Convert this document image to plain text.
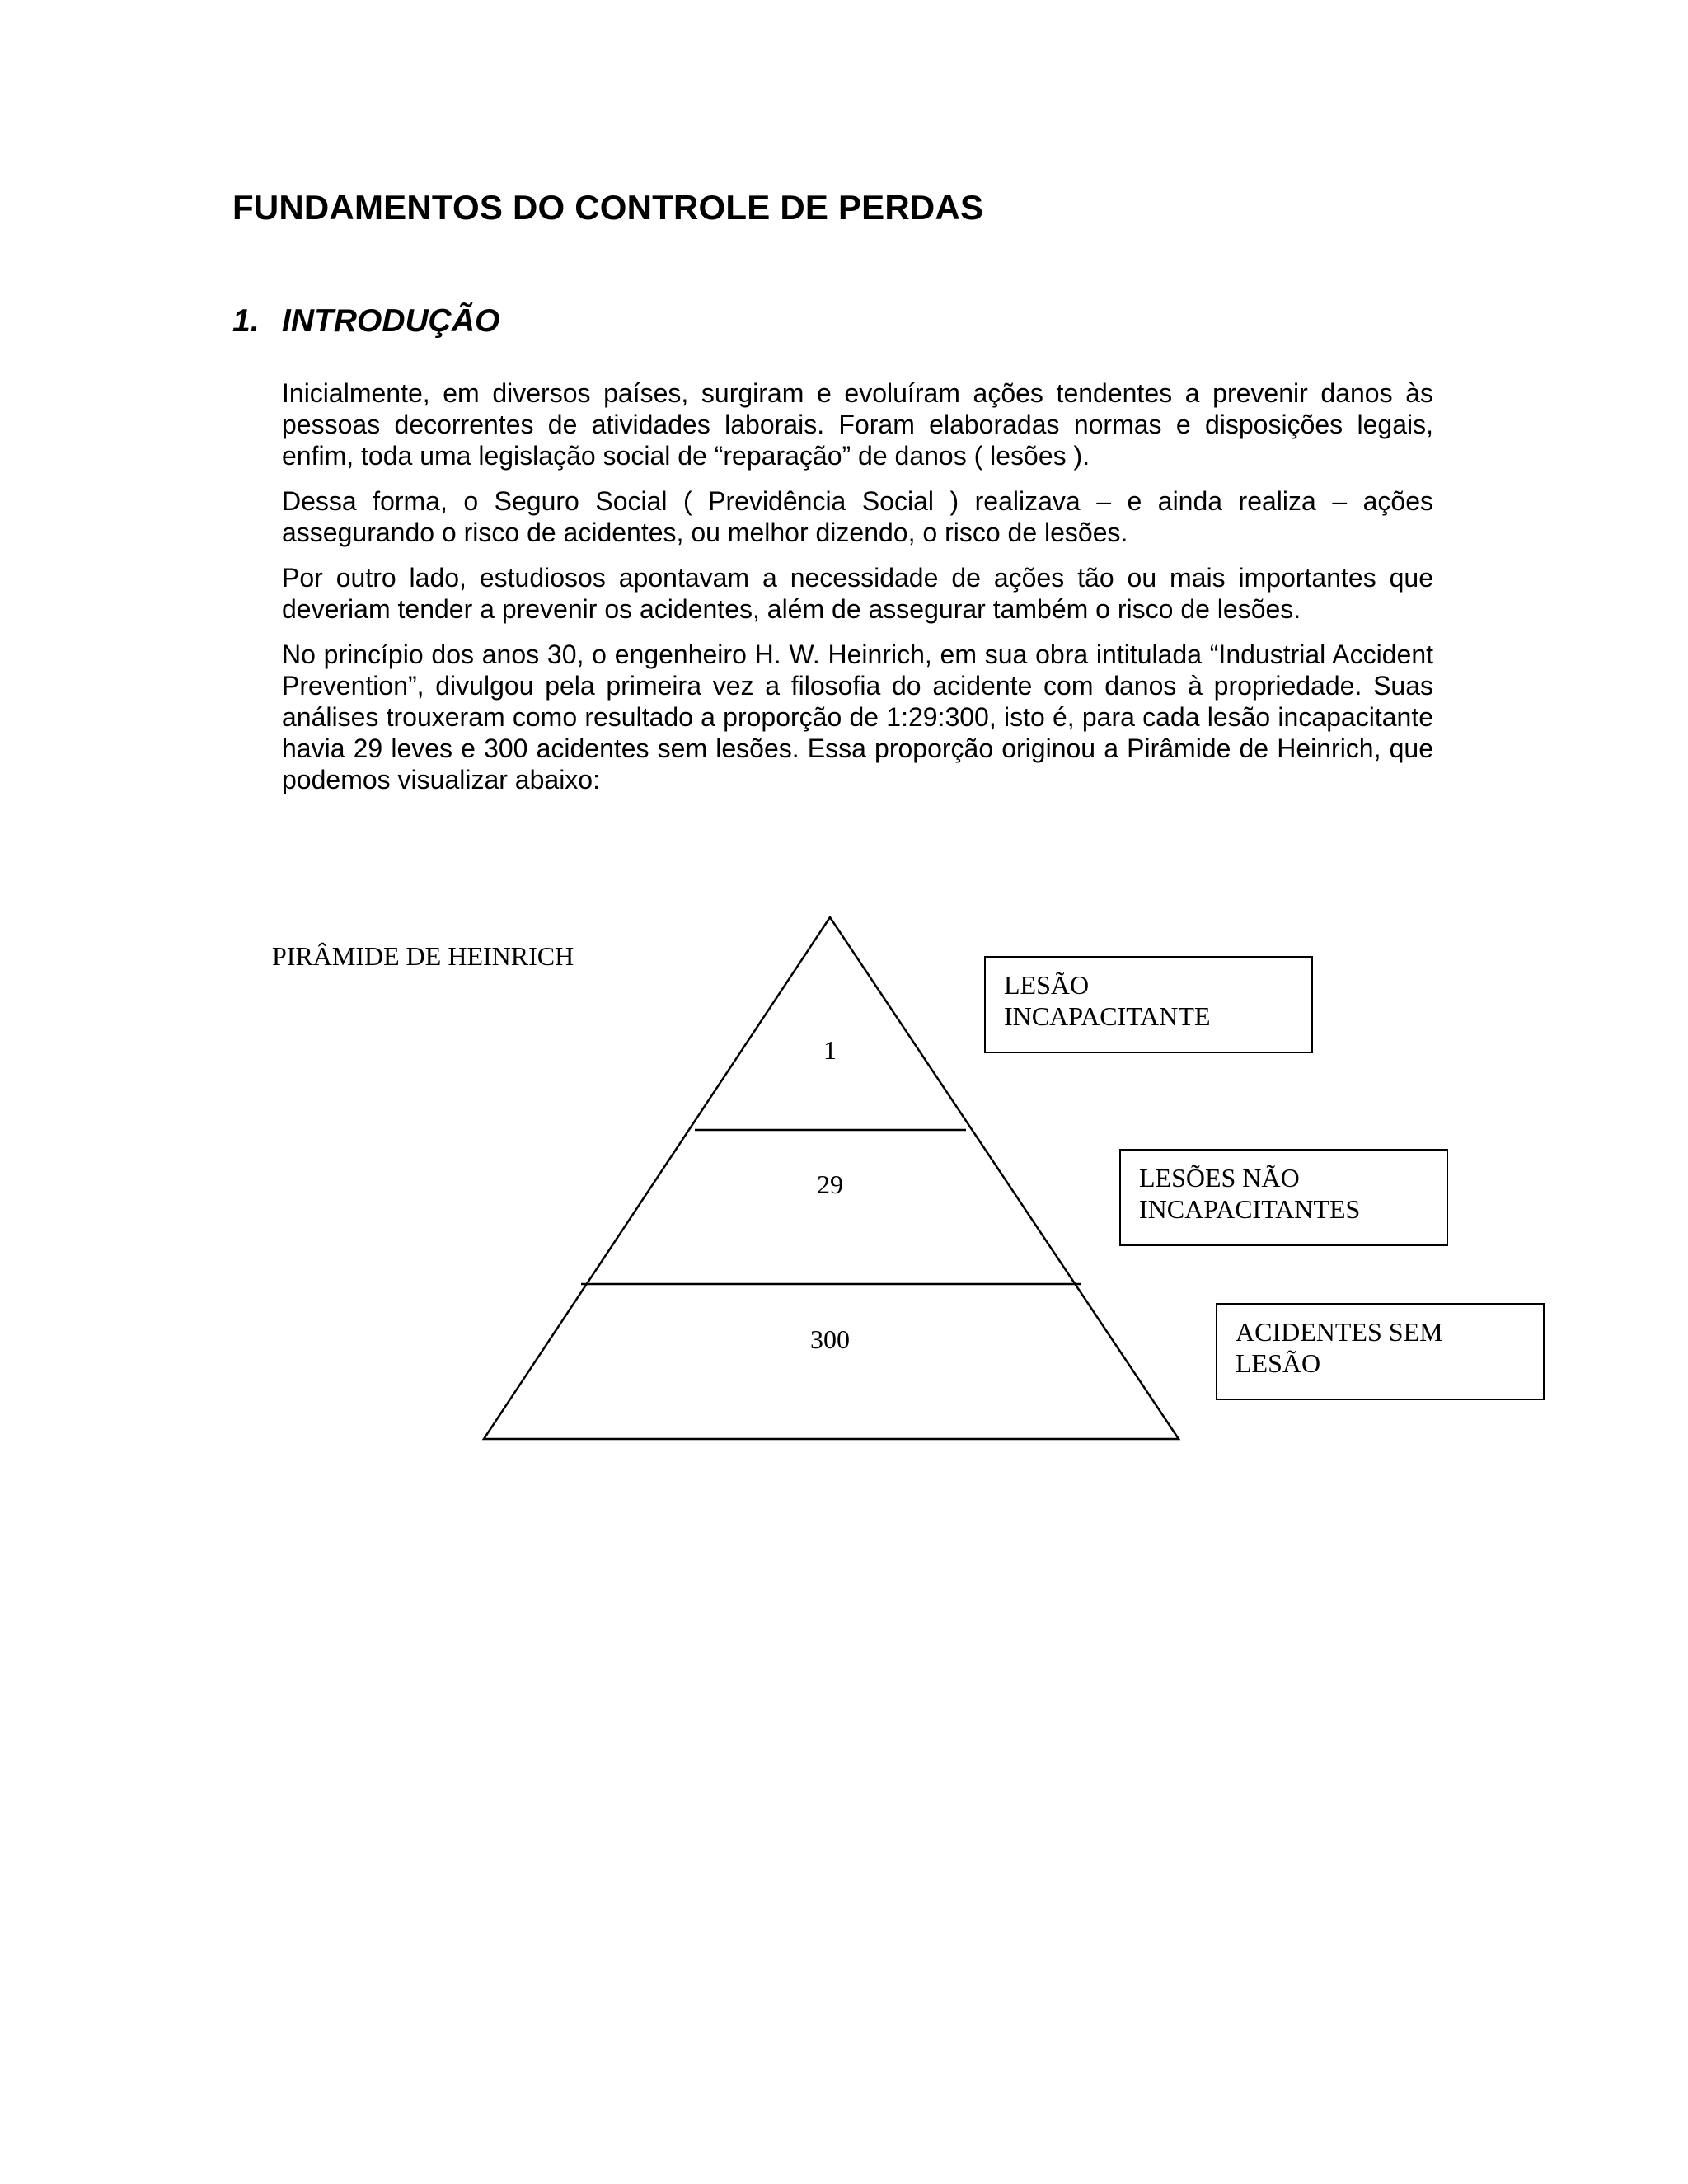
FUNDAMENTOS DO CONTROLE DE PERDAS
1. INTRODUÇÃO

Inicialmente, em diversos países, surgiram e evoluíram ações tendentes a prevenir danos às pessoas decorrentes de atividades laborais. Foram elaboradas normas e disposições legais, enfim, toda uma legislação social de “reparação” de danos ( lesões ).

Dessa forma, o Seguro Social ( Previdência Social ) realizava – e ainda realiza – ações assegurando o risco de acidentes, ou melhor dizendo, o risco de lesões.

Por outro lado, estudiosos apontavam a necessidade de ações tão ou mais importantes que deveriam tender a prevenir os acidentes, além de assegurar também o risco de lesões.

No princípio dos anos 30, o engenheiro H. W. Heinrich, em sua obra intitulada “Industrial Accident Prevention”, divulgou pela primeira vez a filosofia do acidente com danos à propriedade. Suas análises trouxeram como resultado a proporção de 1:29:300, isto é, para cada lesão incapacitante havia 29 leves e 300 acidentes sem lesões. Essa proporção originou a Pirâmide de Heinrich, que podemos visualizar abaixo:

PIRÂMIDE DE HEINRICH
1
29
300
LESÃO
INCAPACITANTE
LESÕES NÃO
INCAPACITANTES
ACIDENTES SEM
LESÃO
